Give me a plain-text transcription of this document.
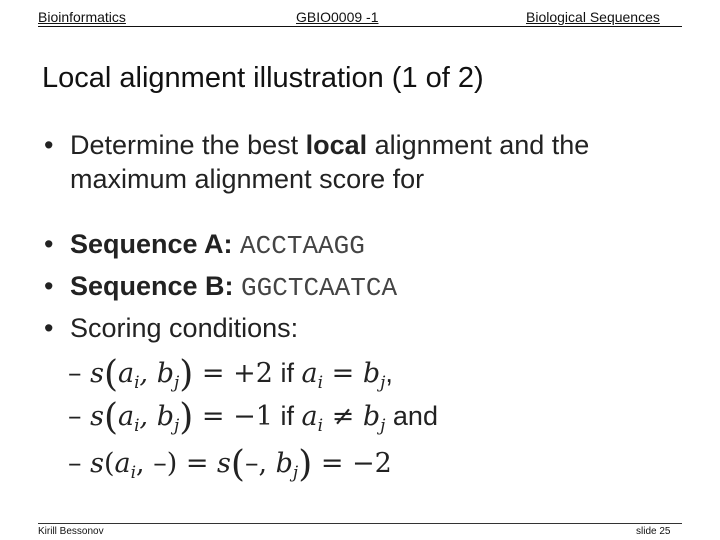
Bioinformatics	GBIO0009 -1	Biological Sequences
Local alignment illustration (1 of 2)
• Determine the best local alignment and the
maximum alignment score for
• Sequence A: ACCTAAGG
• Sequence B: GGCTCAATCA
• Scoring conditions:
– $s(a_i$, $b_j) = +2$ if $a_i = b_j$,
– $s(a_i$, $b_j) = -1$ if $a_i \ne b_j$ and
– $s(a_i$, –) = s(–, $b_j) = -2$
Kirill Bessonov	slide 25
